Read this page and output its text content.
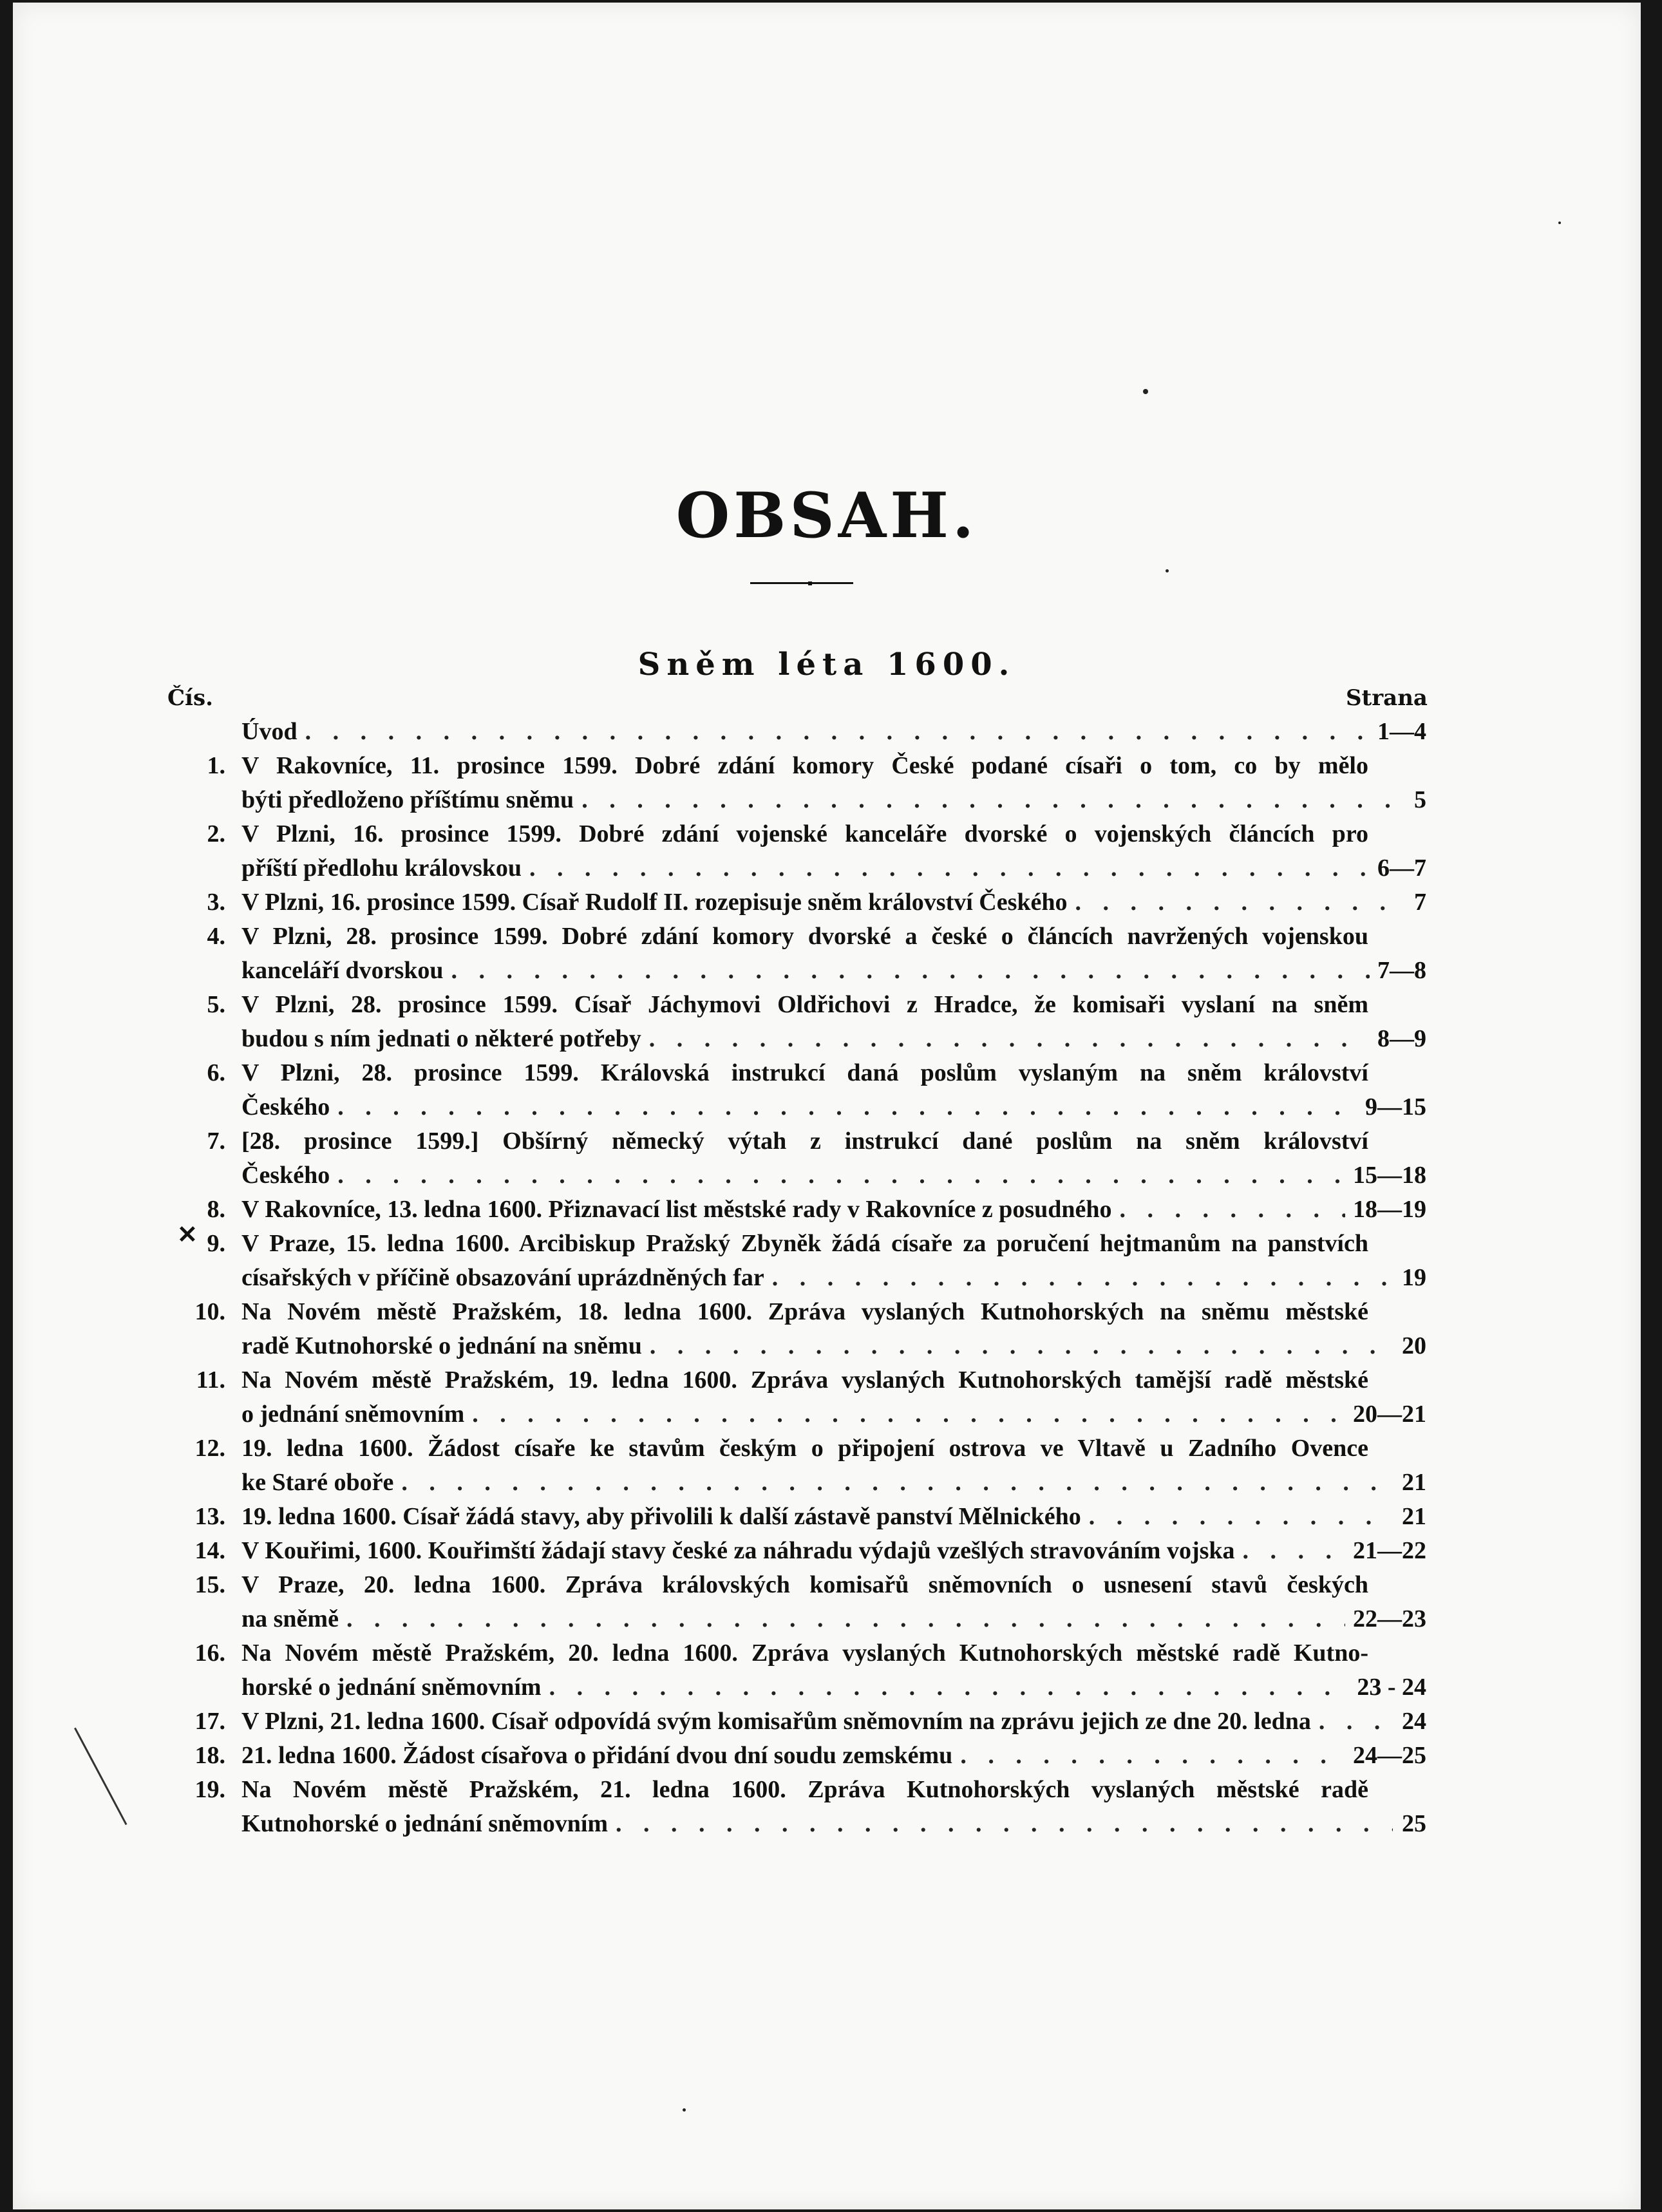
OBSAH.
Sněm léta 1600.
Čís.	Strana
✕
Úvod . . .	1—4
1. V Rakovníce, 11. prosince 1599. Dobré zdání komory České podané císaři o tom, co by mělo
býti předloženo příštímu sněmu . . .	5
2. V Plzni, 16. prosince 1599. Dobré zdání vojenské kanceláře dvorské o vojenských článcích pro
příští předlohu královskou . . .	6—7
3. V Plzni, 16. prosince 1599. Císař Rudolf II. rozepisuje sněm království Českého . . .	7
4. V Plzni, 28. prosince 1599. Dobré zdání komory dvorské a české o článcích navržených vojenskou
kanceláří dvorskou . . .	7—8
5. V Plzni, 28. prosince 1599. Císař Jáchymovi Oldřichovi z Hradce, že komisaři vyslaní na sněm
budou s ním jednati o některé potřeby . . .	8—9
6. V Plzni, 28. prosince 1599. Královská instrukcí daná poslům vyslaným na sněm království
Českého . . .	9—15
7. [28. prosince 1599.] Obšírný německý výtah z instrukcí dané poslům na sněm království
Českého . . .	15—18
8. V Rakovníce, 13. ledna 1600. Přiznavací list městské rady v Rakovníce z posudného . . .	18—19
9. V Praze, 15. ledna 1600. Arcibiskup Pražský Zbyněk žádá císaře za poručení hejtmanům na panstvích
císařských v příčině obsazování uprázdněných far . . .	19
10. Na Novém městě Pražském, 18. ledna 1600. Zpráva vyslaných Kutnohorských na sněmu městské
radě Kutnohorské o jednání na sněmu . . .	20
11. Na Novém městě Pražském, 19. ledna 1600. Zpráva vyslaných Kutnohorských tamější radě městské
o jednání sněmovním . . .	20—21
12. 19. ledna 1600. Žádost císaře ke stavům českým o připojení ostrova ve Vltavě u Zadního Ovence
ke Staré oboře . . .	21
13. 19. ledna 1600. Císař žádá stavy, aby přivolili k další zástavě panství Mělnického . . .	21
14. V Kouřimi, 1600. Kouřimští žádají stavy české za náhradu výdajů vzešlých stravováním vojska . . .	21—22
15. V Praze, 20. ledna 1600. Zpráva královských komisařů sněmovních o usnesení stavů českých
na sněmě . . .	22—23
16. Na Novém městě Pražském, 20. ledna 1600. Zpráva vyslaných Kutnohorských městské radě Kutno-
horské o jednání sněmovním . . .	23 - 24
17. V Plzni, 21. ledna 1600. Císař odpovídá svým komisařům sněmovním na zprávu jejich ze dne 20. ledna . . .	24
18. 21. ledna 1600. Žádost císařova o přidání dvou dní soudu zemskému . . .	24—25
19. Na Novém městě Pražském, 21. ledna 1600. Zpráva Kutnohorských vyslaných městské radě
Kutnohorské o jednání sněmovním . . .	25
